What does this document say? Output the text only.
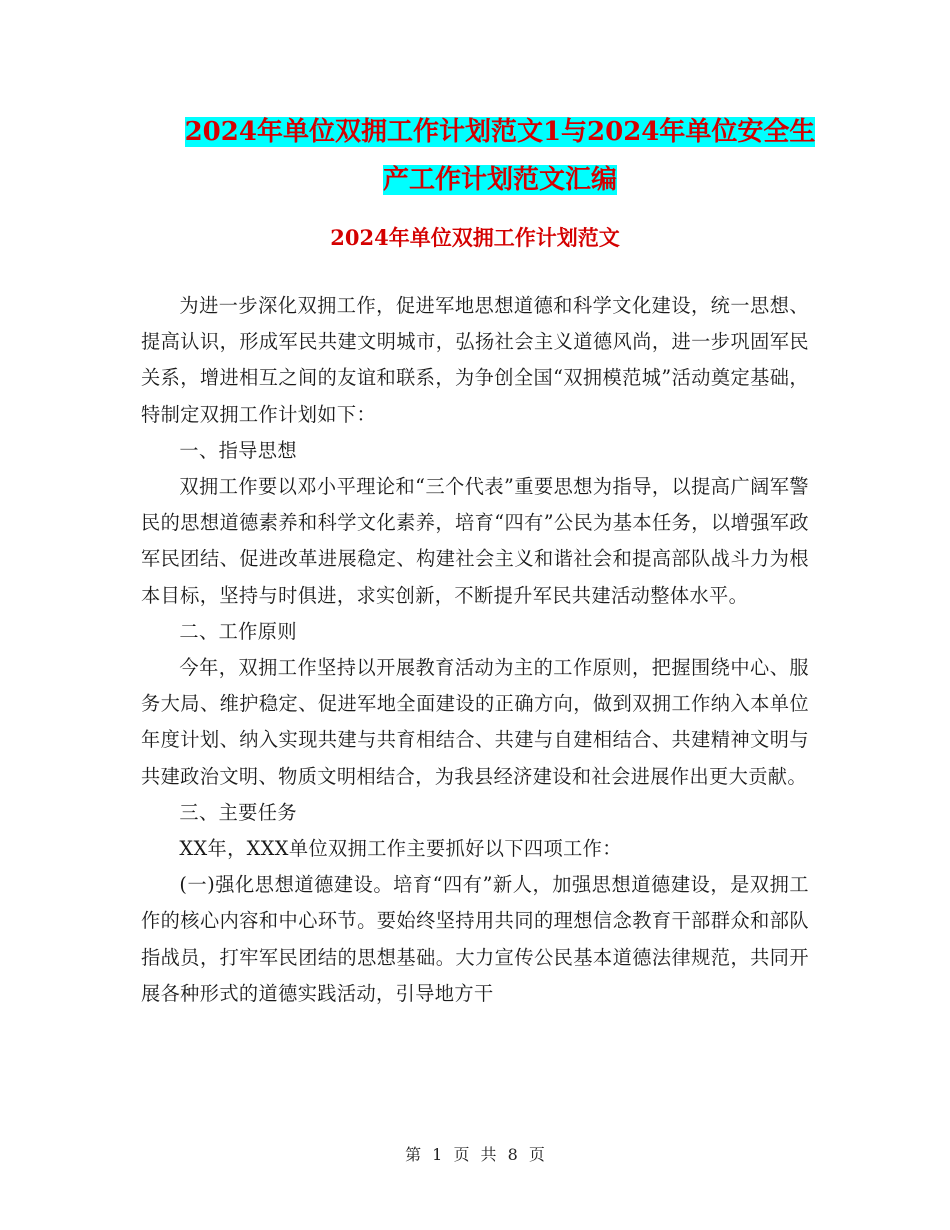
2024年单位双拥工作计划范文1与2024年单位安全生
产工作计划范文汇编
2024年单位双拥工作计划范文

为进一步深化双拥工作，促进军地思想道德和科学文化建设，统一思想、提高认识，形成军民共建文明城市，弘扬社会主义道德风尚，进一步巩固军民关系，增进相互之间的友谊和联系，为争创全国“双拥模范城”活动奠定基础，特制定双拥工作计划如下：

一、指导思想

双拥工作要以邓小平理论和“三个代表”重要思想为指导，以提高广阔军警民的思想道德素养和科学文化素养，培育“四有”公民为基本任务，以增强军政军民团结、促进改革进展稳定、构建社会主义和谐社会和提高部队战斗力为根本目标，坚持与时俱进，求实创新，不断提升军民共建活动整体水平。

二、工作原则

今年，双拥工作坚持以开展教育活动为主的工作原则，把握围绕中心、服务大局、维护稳定、促进军地全面建设的正确方向，做到双拥工作纳入本单位年度计划、纳入实现共建与共育相结合、共建与自建相结合、共建精神文明与共建政治文明、物质文明相结合，为我县经济建设和社会进展作出更大贡献。

三、主要任务

XX年，XXX单位双拥工作主要抓好以下四项工作：

(一)强化思想道德建设。培育“四有”新人，加强思想道德建设，是双拥工作的核心内容和中心环节。要始终坚持用共同的理想信念教育干部群众和部队指战员，打牢军民团结的思想基础。大力宣传公民基本道德法律规范，共同开展各种形式的道德实践活动，引导地方干

第 1 页 共 8 页
